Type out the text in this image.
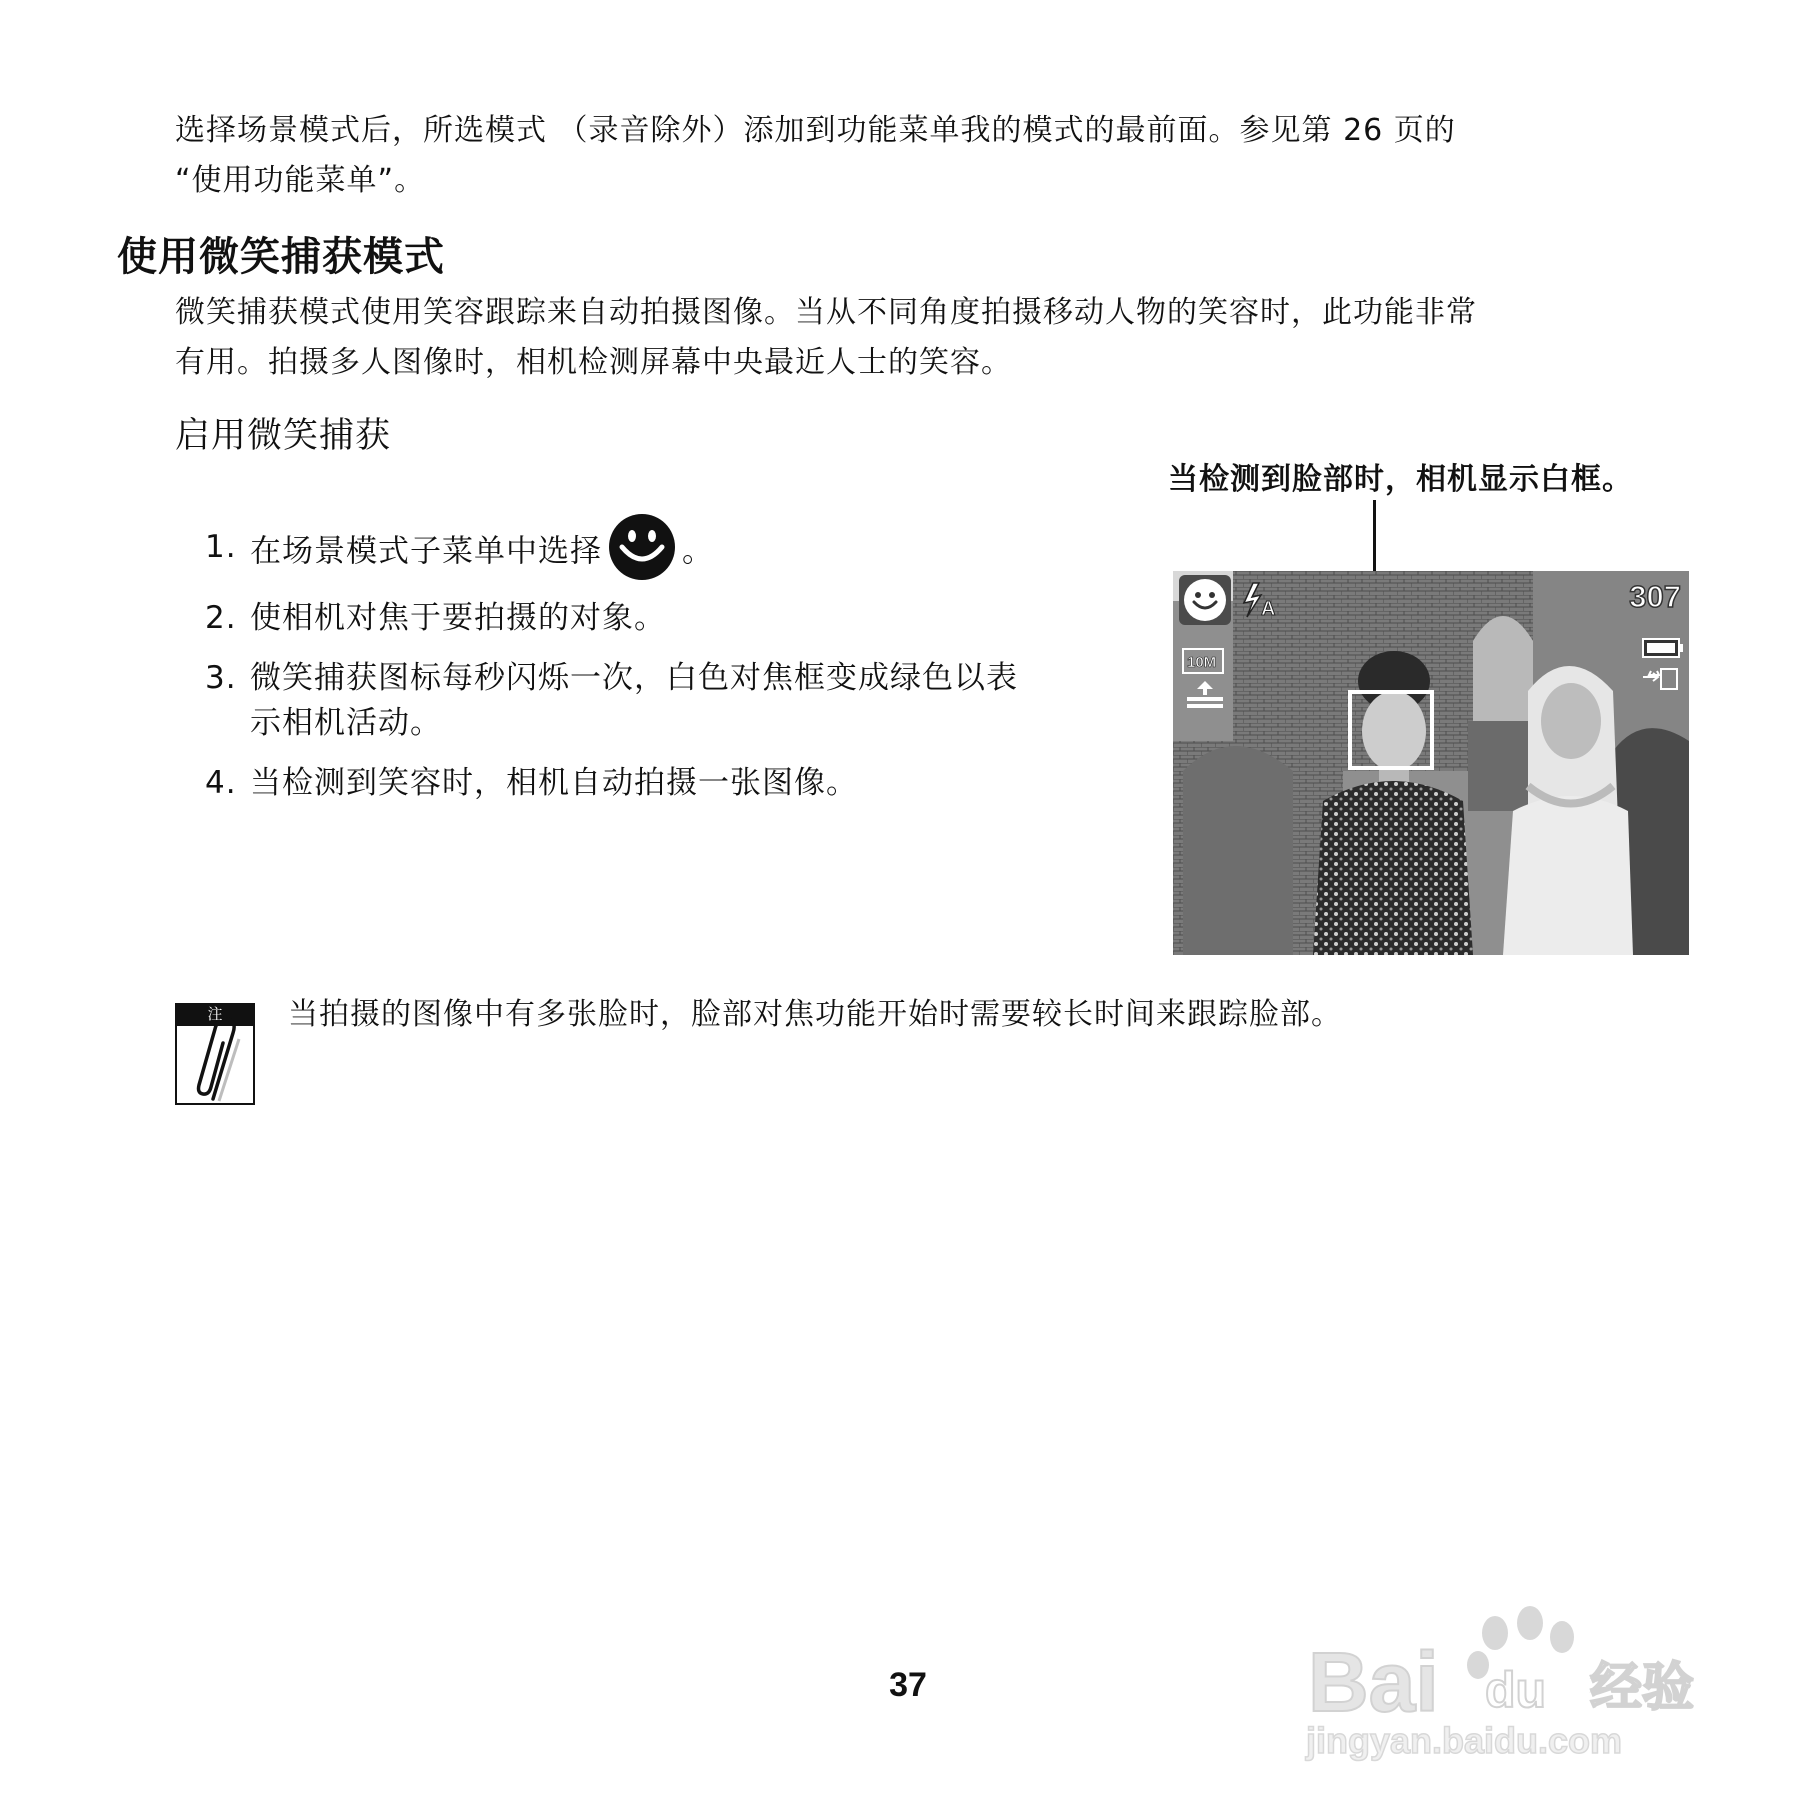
选择场景模式后，所选模式 （录音除外）添加到功能菜单我的模式的最前面。参见第 26 页的
“使用功能菜单”。
使用微笑捕获模式
微笑捕获模式使用笑容跟踪来自动拍摄图像。当从不同角度拍摄移动人物的笑容时，此功能非常
有用。拍摄多人图像时，相机检测屏幕中央最近人士的笑容。
启用微笑捕获
当检测到脸部时，相机显示白框。
1. 在场景模式子菜单中选择	。
2. 使相机对焦于要拍摄的对象。
3. 微笑捕获图标每秒闪烁一次，白色对焦框变成绿色以表
示相机活动。
4. 当检测到笑容时，相机自动拍摄一张图像。
A
10M
307
注	当拍摄的图像中有多张脸时，脸部对焦功能开始时需要较长时间来跟踪脸部。
37	Bai du 经验
jingyan.baidu.com
